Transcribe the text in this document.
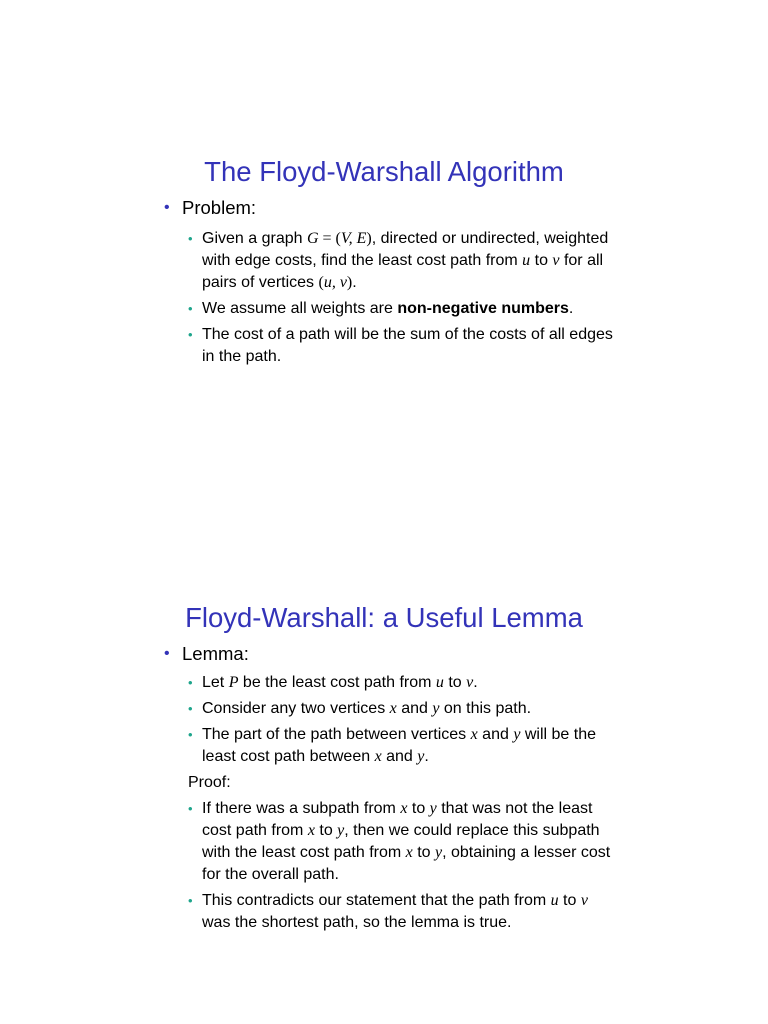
The Floyd-Warshall Algorithm
• Problem:
• Given a graph G = (V, E), directed or undirected, weighted with edge costs, find the least cost path from u to v for all pairs of vertices (u, v).
• We assume all weights are non-negative numbers.
• The cost of a path will be the sum of the costs of all edges in the path.
Floyd-Warshall: a Useful Lemma
• Lemma:
• Let P be the least cost path from u to v.
• Consider any two vertices x and y on this path.
• The part of the path between vertices x and y will be the least cost path between x and y.
Proof:
• If there was a subpath from x to y that was not the least cost path from x to y, then we could replace this subpath with the least cost path from x to y, obtaining a lesser cost for the overall path.
• This contradicts our statement that the path from u to v was the shortest path, so the lemma is true.
